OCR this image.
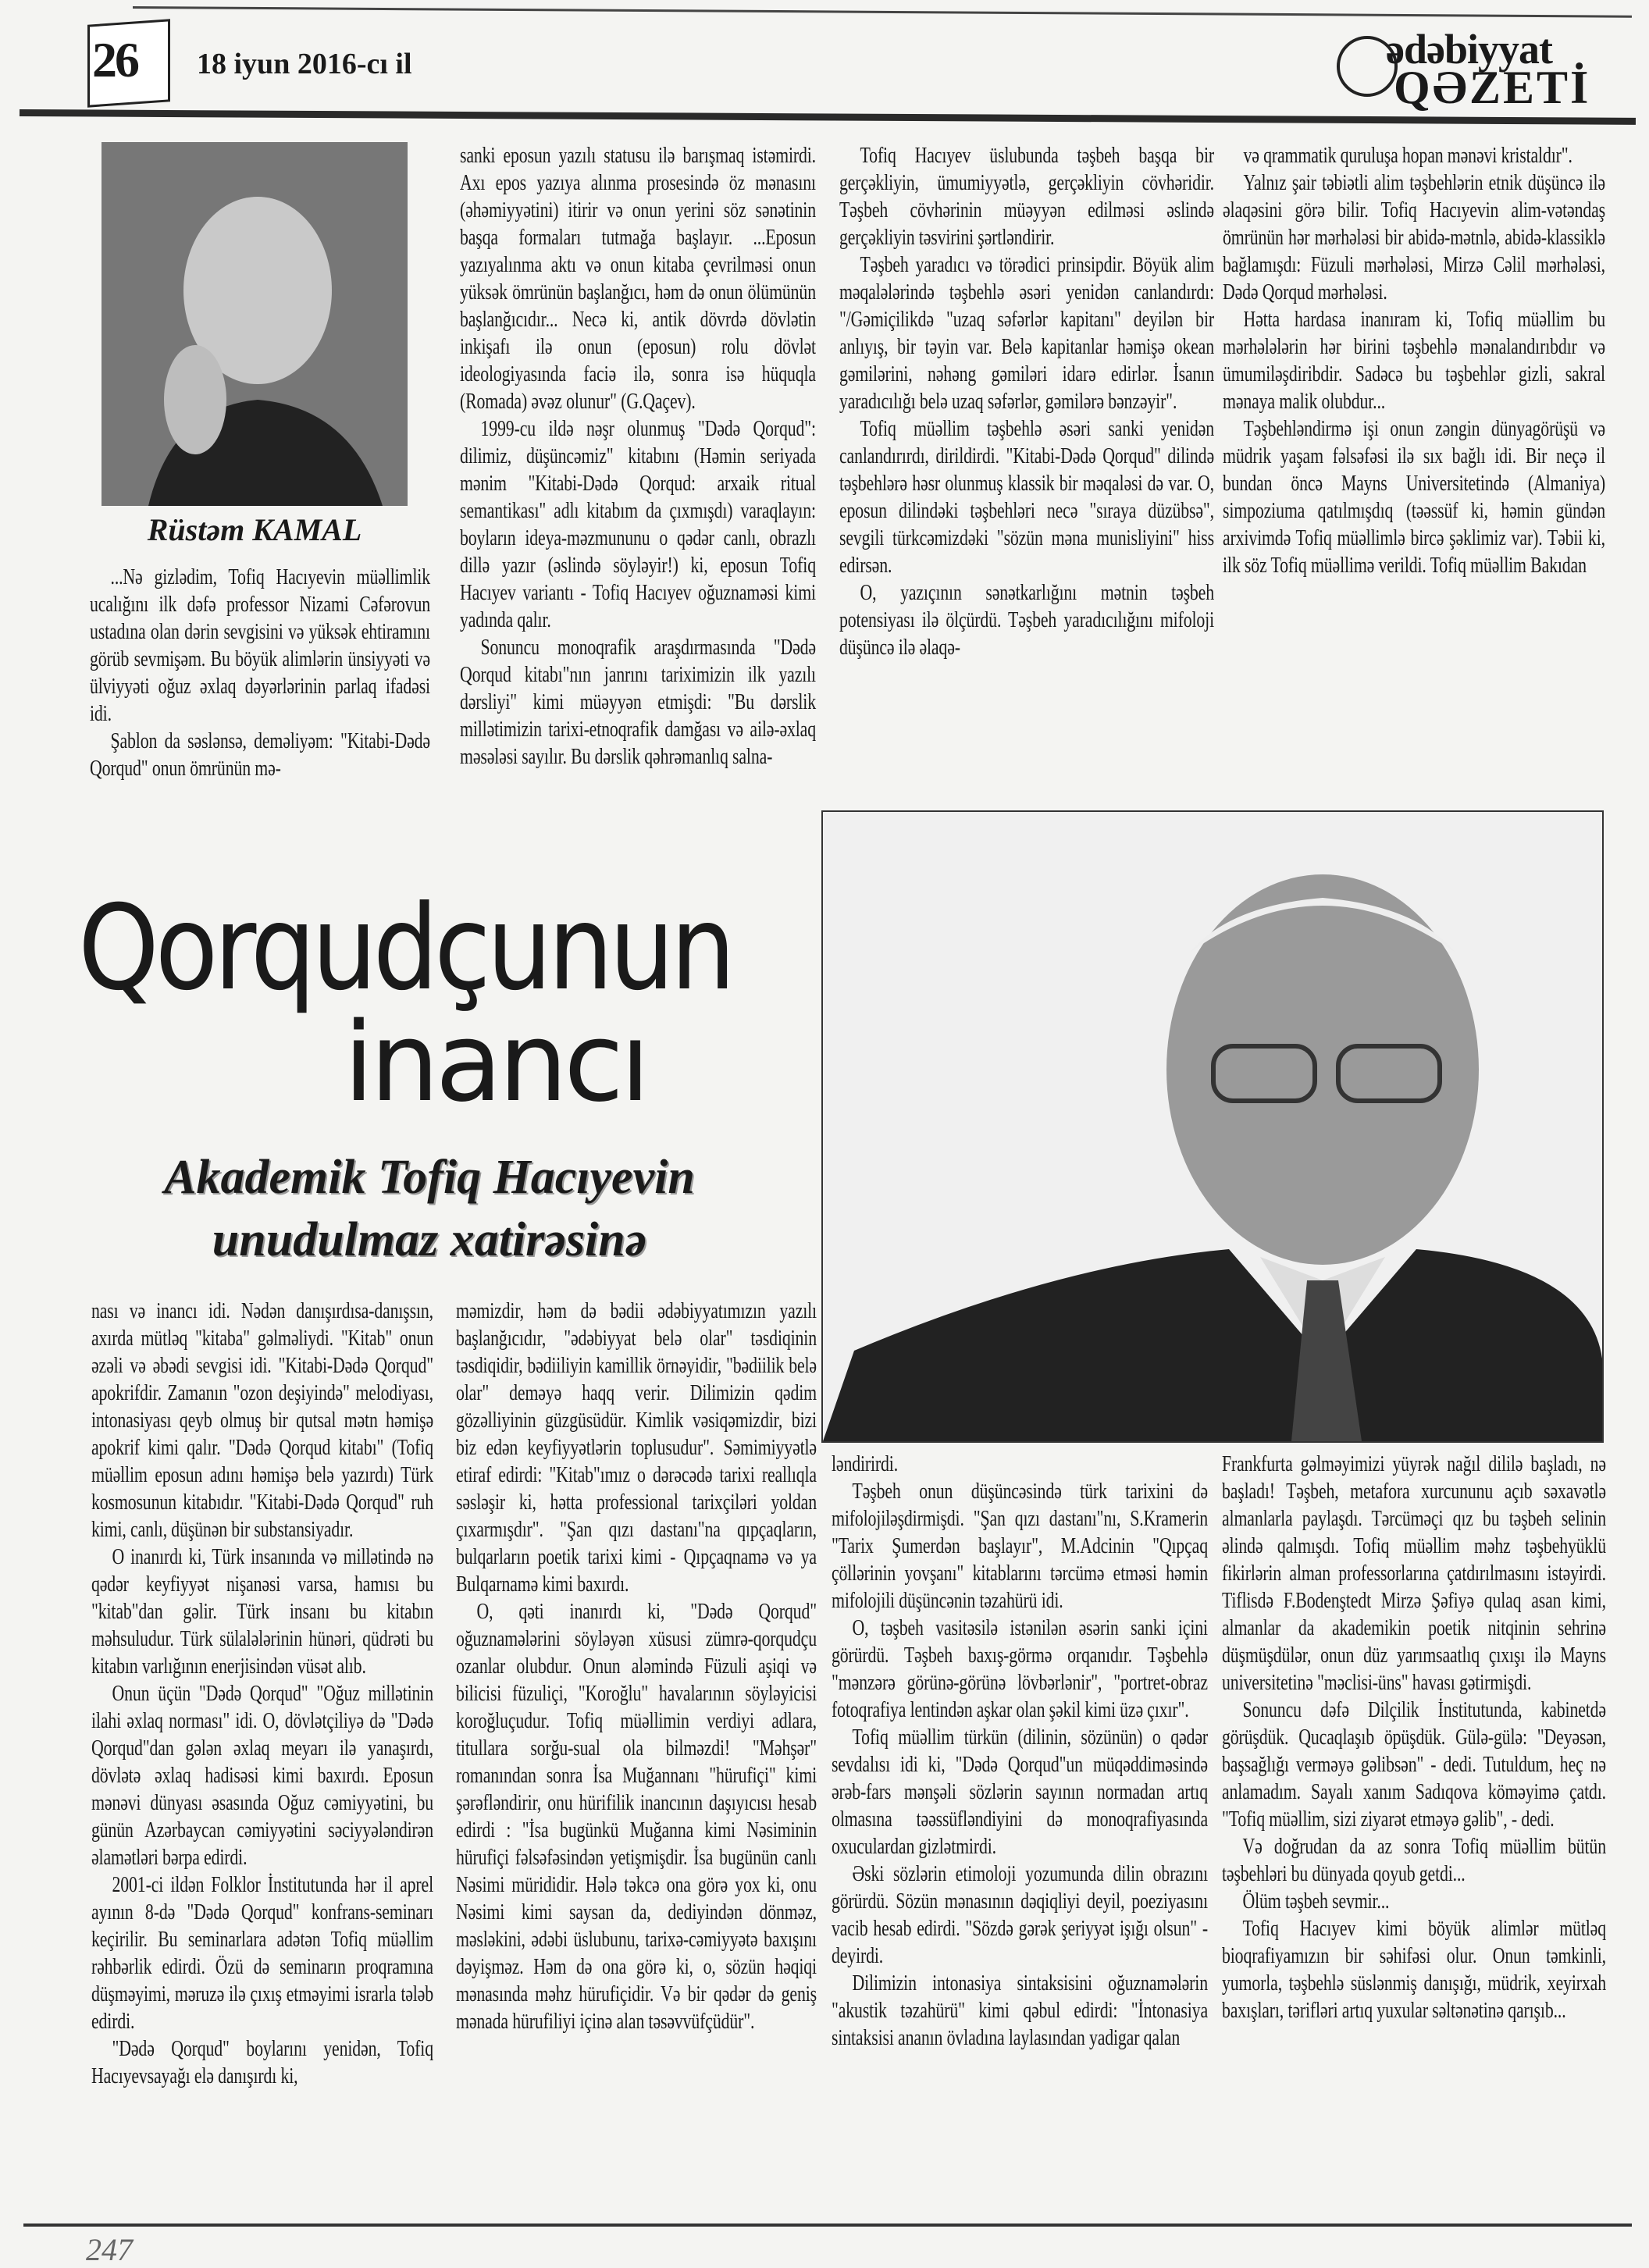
26 18 iyun 2016-cı il	ədəbiyyat
QƏZETİ
Rüstəm KAMAL

...Nə gizlədim, Tofiq Hacıyevin müəllimlik ucalığını ilk dəfə professor Nizami Cəfərovun ustadına olan dərin sevgisini və yüksək ehtiramını görüb sevmişəm. Bu böyük alimlərin ünsiyyəti və ülviyyəti oğuz əxlaq dəyərlərinin parlaq ifadəsi idi.

Şablon da səslənsə, deməliyəm: "Kitabi-Dədə Qorqud" onun ömrünün mə-

sanki eposun yazılı statusu ilə barışmaq istəmirdi. Axı epos yazıya alınma prosesində öz mənasını (əhəmiyyətini) itirir və onun yerini söz sənətinin başqa formaları tutmağa başlayır. ...Eposun yazıyalınma aktı və onun kitaba çevrilməsi onun yüksək ömrünün başlanğıcı, həm də onun ölümünün başlanğıcıdır... Necə ki, antik dövrdə dövlətin inkişafı ilə onun (eposun) rolu dövlət ideologiyasında faciə ilə, sonra isə hüquqla (Romada) əvəz olunur" (G.Qaçev).

1999-cu ildə nəşr olunmuş "Dədə Qorqud": dilimiz, düşüncəmiz" kitabını (Həmin seriyada mənim "Kitabi-Dədə Qorqud: arxaik ritual semantikası" adlı kitabım da çıxmışdı) varaqlayın: boyların ideya-məzmununu o qədər canlı, obrazlı dillə yazır (əslində söyləyir!) ki, eposun Tofiq Hacıyev variantı - Tofiq Hacıyev oğuznaməsi kimi yadında qalır.

Sonuncu monoqrafik araşdırmasında "Dədə Qorqud kitabı"nın janrını tariximizin ilk yazılı dərsliyi" kimi müəyyən etmişdi: "Bu dərslik millətimizin tarixi-etnoqrafik damğası və ailə-əxlaq məsələsi sayılır. Bu dərslik qəhrəmanlıq salna-

Tofiq Hacıyev üslubunda təşbeh başqa bir gerçəkliyin, ümumiyyətlə, gerçəkliyin cövhəridir. Təşbeh cövhərinin müəyyən edilməsi əslində gerçəkliyin təsvirini şərtləndirir.

Təşbeh yaradıcı və törədici prinsipdir. Böyük alim məqalələrində təşbehlə əsəri yenidən canlandırdı: "/Gəmiçilikdə "uzaq səfərlər kapitanı" deyilən bir anlıyış, bir təyin var. Belə kapitanlar həmişə okean gəmilərini, nəhəng gəmiləri idarə edirlər. İsanın yaradıcılığı belə uzaq səfərlər, gəmilərə bənzəyir".

Tofiq müəllim təşbehlə əsəri sanki yenidən canlandırırdı, dirildirdi. "Kitabi-Dədə Qorqud" dilində təşbehlərə həsr olunmuş klassik bir məqaləsi də var. O, eposun dilindəki təşbehləri necə "sıraya düzübsə", sevgili türkcəmizdəki "sözün məna munisliyini" hiss edirsən.

O, yazıçının sənətkarlığını mətnin təşbeh potensiyası ilə ölçürdü. Təşbeh yaradıcılığını mifoloji düşüncə ilə əlaqə-

və qrammatik quruluşa hopan mənəvi kristaldır".

Yalnız şair təbiətli alim təşbehlərin etnik düşüncə ilə əlaqəsini görə bilir. Tofiq Hacıyevin alim-vətəndaş ömrünün hər mərhələsi bir abidə-mətnlə, abidə-klassiklə bağlamışdı: Füzuli mərhələsi, Mirzə Cəlil mərhələsi, Dədə Qorqud mərhələsi.

Hətta hardasa inanıram ki, Tofiq müəllim bu mərhələlərin hər birini təşbehlə mənalandırıbdır və ümumiləşdiribdir. Sadəcə bu təşbehlər gizli, sakral mənaya malik olubdur...

Təşbehləndirmə işi onun zəngin dünyagörüşü və müdrik yaşam fəlsəfəsi ilə sıx bağlı idi. Bir neçə il bundan öncə Mayns Universitetində (Almaniya) simpoziuma qatılmışdıq (təəssüf ki, həmin gündən arxivimdə Tofiq müəllimlə bircə şəklimiz var). Təbii ki, ilk söz Tofiq müəllimə verildi. Tofiq müəllim Bakıdan

Qorqudçunun
inancı
Akademik Tofiq Hacıyevin
unudulmaz xatirəsinə

nası və inancı idi. Nədən danışırdısa-danışsın, axırda mütləq "kitaba" gəlməliydi. "Kitab" onun əzəli və əbədi sevgisi idi. "Kitabi-Dədə Qorqud" apokrifdir. Zamanın "ozon deşiyində" melodiyası, intonasiyası qeyb olmuş bir qutsal mətn həmişə apokrif kimi qalır. "Dədə Qorqud kitabı" (Tofiq müəllim eposun adını həmişə belə yazırdı) Türk kosmosunun kitabıdır. "Kitabi-Dədə Qorqud" ruh kimi, canlı, düşünən bir substansiyadır.

O inanırdı ki, Türk insanında və millətində nə qədər keyfiyyət nişanəsi varsa, hamısı bu "kitab"dan gəlir. Türk insanı bu kitabın məhsuludur. Türk sülalələrinin hünəri, qüdrəti bu kitabın varlığının enerjisindən vüsət alıb.

Onun üçün "Dədə Qorqud" "Oğuz millətinin ilahi əxlaq norması" idi. O, dövlətçiliyə də "Dədə Qorqud"dan gələn əxlaq meyarı ilə yanaşırdı, dövlətə əxlaq hadisəsi kimi baxırdı. Eposun mənəvi dünyası əsasında Oğuz cəmiyyətini, bu günün Azərbaycan cəmiyyətini səciyyələndirən əlamətləri bərpa edirdi.

2001-ci ildən Folklor İnstitutunda hər il aprel ayının 8-də "Dədə Qorqud" konfrans-seminarı keçirilir. Bu seminarlara adətən Tofiq müəllim rəhbərlik edirdi. Özü də seminarın proqramına düşməyimi, məruzə ilə çıxış etməyimi israrla tələb edirdi.

"Dədə Qorqud" boylarını yenidən, Tofiq Hacıyevsayağı elə danışırdı ki,

məmizdir, həm də bədii ədəbiyyatımızın yazılı başlanğıcıdır, "ədəbiyyat belə olar" təsdiqinin təsdiqidir, bədiiliyin kamillik örnəyidir, "bədiilik belə olar" deməyə haqq verir. Dilimizin qədim gözəlliyinin güzgüsüdür. Kimlik vəsiqəmizdir, bizi biz edən keyfiyyətlərin toplusudur". Səmimiyyətlə etiraf edirdi: "Kitab"ımız o dərəcədə tarixi reallıqla səsləşir ki, hətta professional tarixçiləri yoldan çıxarmışdır". "Şan qızı dastanı"na qıpçaqların, bulqarların poetik tarixi kimi - Qıpçaqnamə və ya Bulqarnamə kimi baxırdı.

O, qəti inanırdı ki, "Dədə Qorqud" oğuznamələrini söyləyən xüsusi zümrə-qorqudçu ozanlar olubdur. Onun aləmində Füzuli aşiqi və bilicisi füzuliçi, "Koroğlu" havalarının söyləyicisi koroğluçudur. Tofiq müəllimin verdiyi adlara, titullara sorğu-sual ola bilməzdi! "Məhşər" romanından sonra İsa Muğannanı "hürufiçi" kimi şərəfləndirir, onu hürifilik inancının daşıyıcısı hesab edirdi : "İsa bugünkü Muğanna kimi Nəsiminin hürufiçi fəlsəfəsindən yetişmişdir. İsa bugünün canlı Nəsimi mürididir. Hələ təkcə ona görə yox ki, onu Nəsimi kimi saysan da, dediyindən dönməz, məsləkini, ədəbi üslubunu, tarixə-cəmiyyətə baxışını dəyişməz. Həm də ona görə ki, o, sözün həqiqi mənasında məhz hürufiçidir. Və bir qədər də geniş mənada hürufiliyi içinə alan təsəvvüfçüdür".

ləndirirdi.

Təşbeh onun düşüncəsində türk tarixini də mifolojiləşdirmişdi. "Şan qızı dastanı"nı, S.Kramerin "Tarix Şumerdən başlayır", M.Adcinin "Qıpçaq çöllərinin yovşanı" kitablarını tərcümə etməsi həmin mifolojili düşüncənin təzahürü idi.

O, təşbeh vasitəsilə istənilən əsərin sanki içini görürdü. Təşbeh baxış-görmə orqanıdır. Təşbehlə "mənzərə görünə-görünə lövbərlənir", "portret-obraz fotoqrafiya lentindən aşkar olan şəkil kimi üzə çıxır".

Tofiq müəllim türkün (dilinin, sözünün) o qədər sevdalısı idi ki, "Dədə Qorqud"un müqəddiməsində ərəb-fars mənşəli sözlərin sayının normadan artıq olmasına təəssüfləndiyini də monoqrafiyasında oxuculardan gizlətmirdi.

Əski sözlərin etimoloji yozumunda dilin obrazını görürdü. Sözün mənasının dəqiqliyi deyil, poeziyasını vacib hesab edirdi. "Sözdə gərək şeriyyət işığı olsun" - deyirdi.

Dilimizin intonasiya sintaksisini oğuznamələrin "akustik təzahürü" kimi qəbul edirdi: "İntonasiya sintaksisi ananın övladına laylasından yadigar qalan

Frankfurta gəlməyimizi yüyrək nağıl dililə başladı, nə başladı! Təşbeh, metafora xurcununu açıb səxavətlə almanlarla paylaşdı. Tərcüməçi qız bu təşbeh selinin əlində qalmışdı. Tofiq müəllim məhz təşbehyüklü fikirlərin alman professorlarına çatdırılmasını istəyirdi. Tiflisdə F.Bodenştedt Mirzə Şəfiyə qulaq asan kimi, almanlar da akademikin poetik nitqinin sehrinə düşmüşdülər, onun düz yarımsaatlıq çıxışı ilə Mayns universitetinə "məclisi-üns" havası gətirmişdi.

Sonuncu dəfə Dilçilik İnstitutunda, kabinetdə görüşdük. Qucaqlaşıb öpüşdük. Gülə-gülə: "Deyəsən, başsağlığı verməyə gəlibsən" - dedi. Tutuldum, heç nə anlamadım. Sayalı xanım Sadıqova köməyimə çatdı. "Tofiq müəllim, sizi ziyarət etməyə gəlib", - dedi.

Və doğrudan da az sonra Tofiq müəllim bütün təşbehləri bu dünyada qoyub getdi...

Ölüm təşbeh sevmir...

Tofiq Hacıyev kimi böyük alimlər mütləq bioqrafiyamızın bir səhifəsi olur. Onun təmkinli, yumorla, təşbehlə süslənmiş danışığı, müdrik, xeyirxah baxışları, tərifləri artıq yuxular səltənətinə qarışıb...

247
